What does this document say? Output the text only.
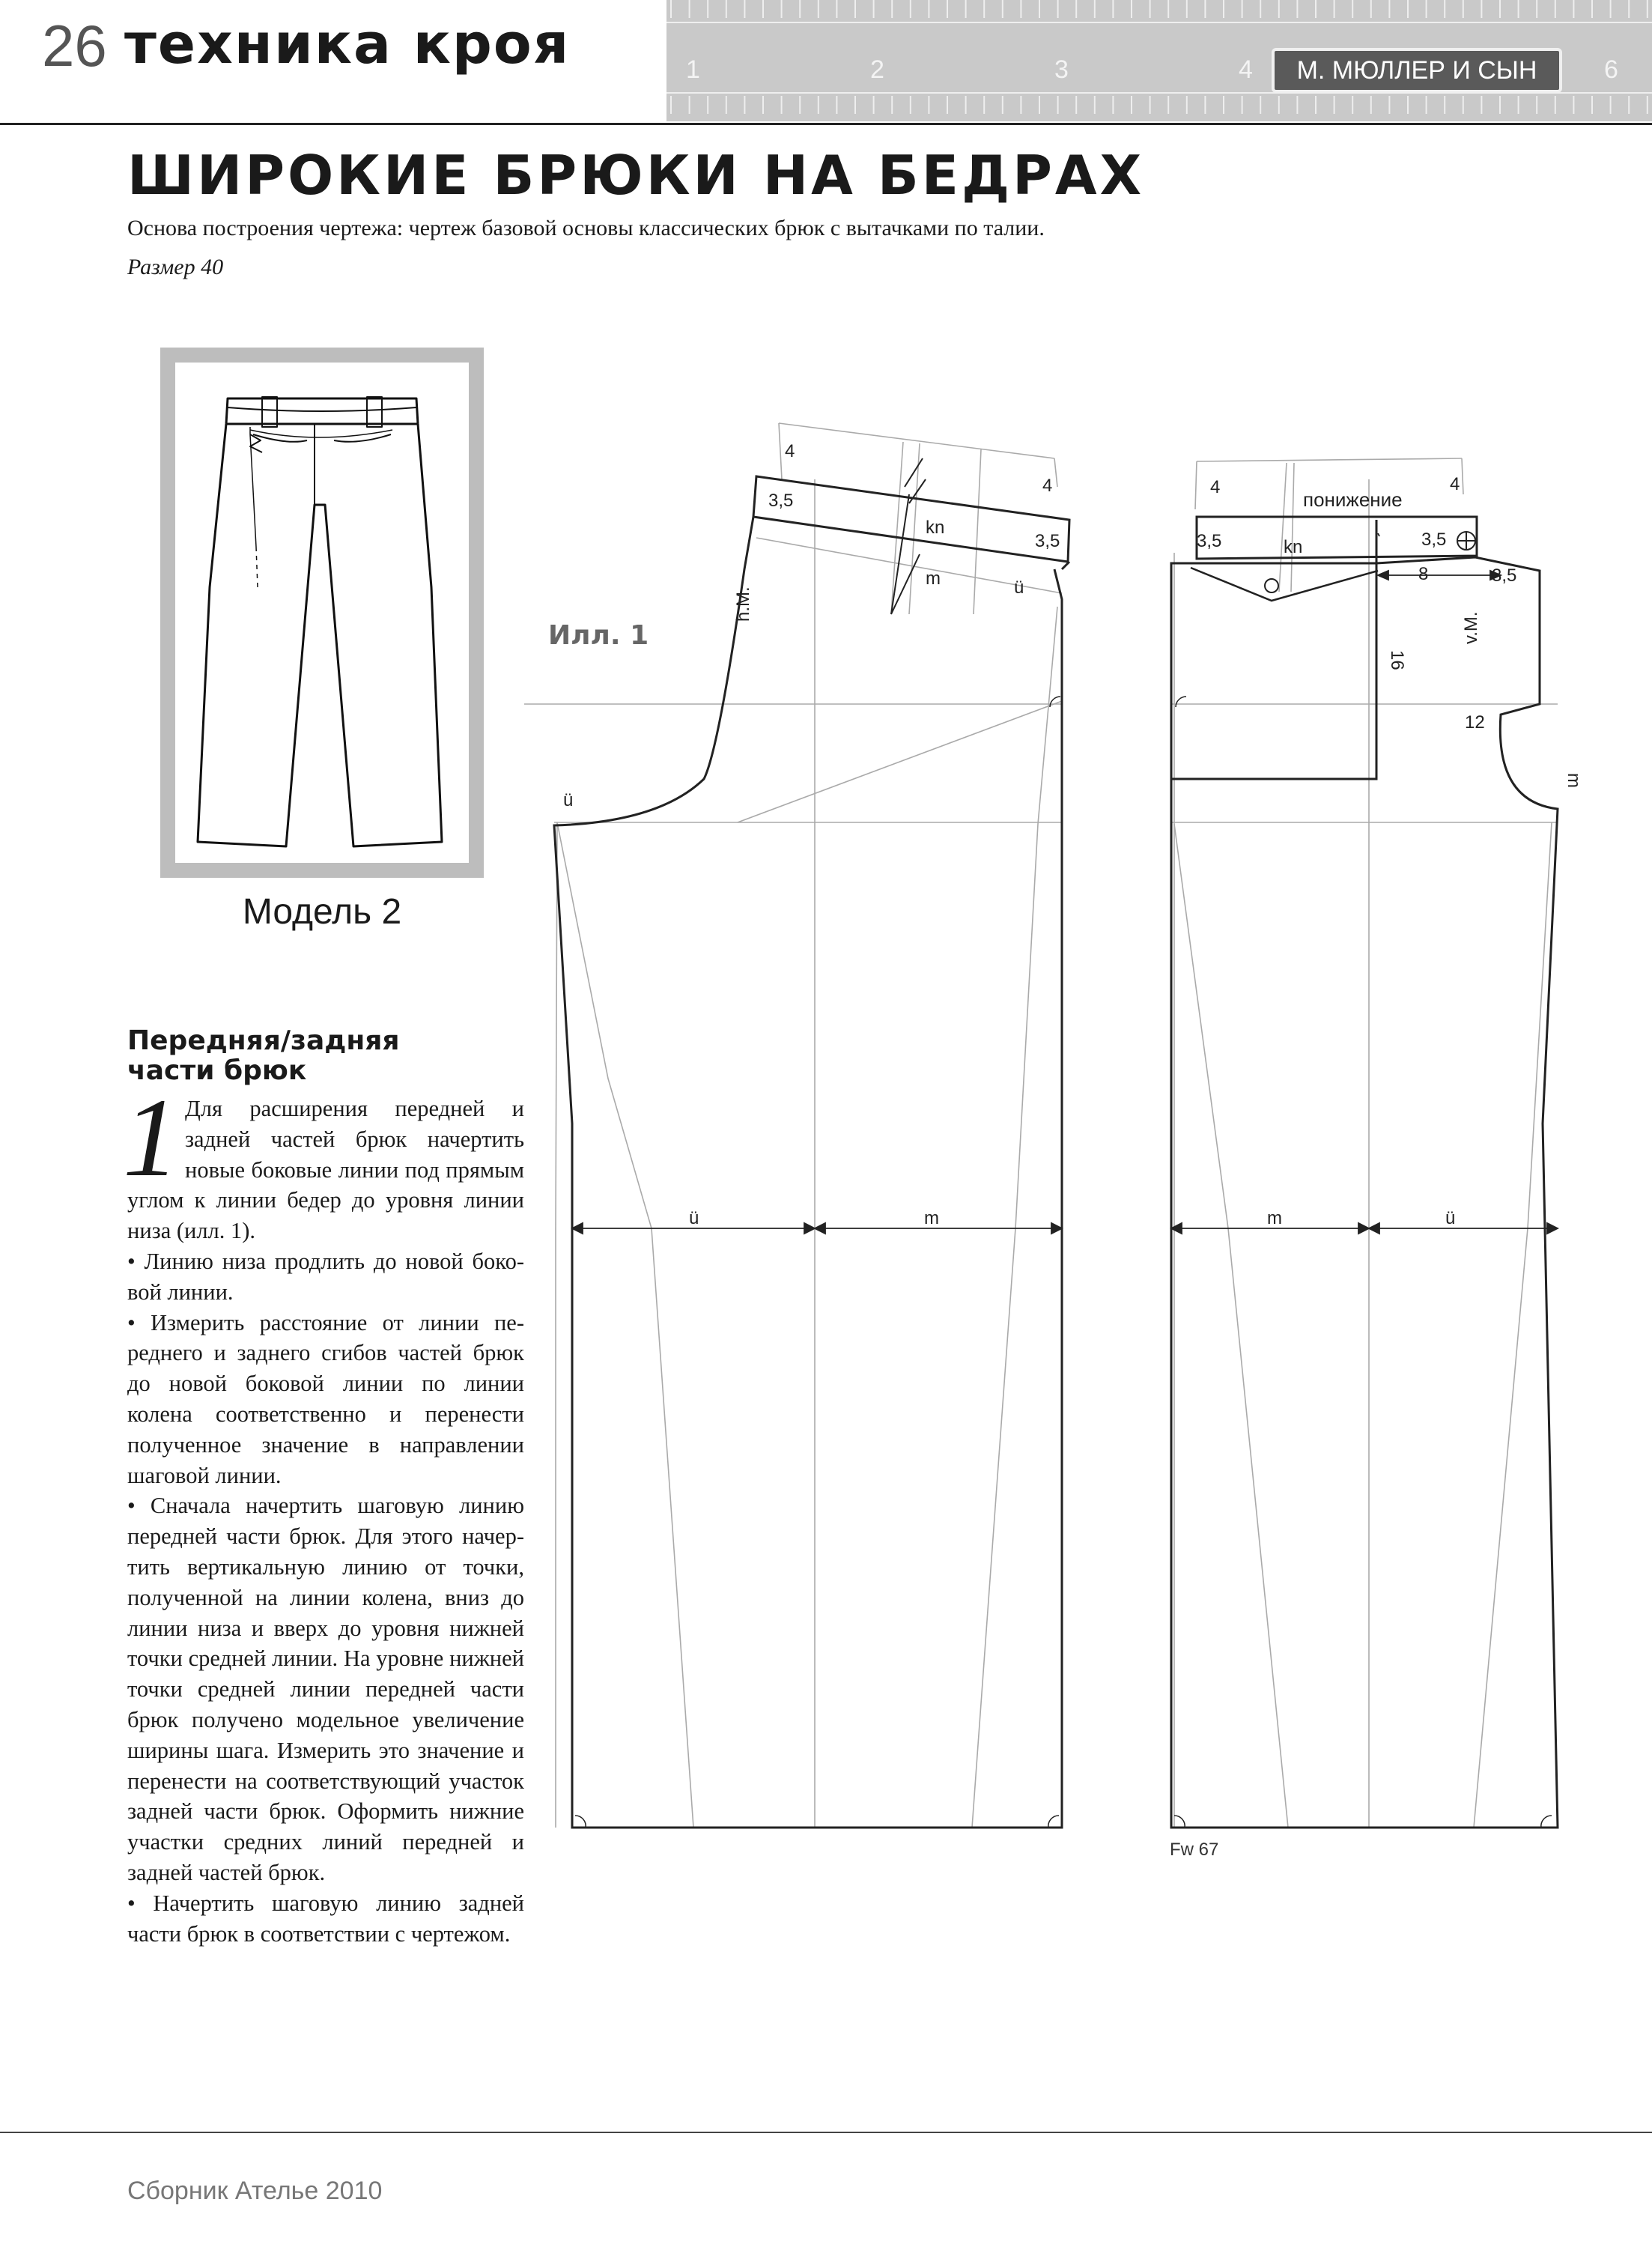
26 техника кроя	1	2	3	4	М. МЮЛЛЕР И СЫН	6
ШИРОКИЕ БРЮКИ НА БЕДРАХ
Основа построения чертежа: чертеж базовой основы классических брюк с вытачками по талии.
Размер 40
Модель 2
Передняя/задняя
части брюк
1 Для расширения передней и задней частей брюк начертить новые боковые линии под прямым углом к линии бедер до уровня линии низа (илл. 1).

• Линию низа продлить до новой боковой линии.

• Измерить расстояние от линии переднего и заднего сгибов частей брюк до новой боковой линии по линии колена соответственно и перенести полученное значение в направлении шаговой линии.

• Сначала начертить шаговую линию передней части брюк. Для этого начертить вертикальную линию от точки, полученной на линии колена, вниз до линии низа и вверх до уровня нижней точки средней линии. На уровне нижней точки средней линии передней части брюк получено модельное увеличение ширины шага. Измерить это значение и перенести на соответствующий участок задней части брюк. Оформить нижние участки средних линий передней и задней частей брюк.

• Начертить шаговую линию задней части брюк в соответствии с чертежом.

Илл. 1
4
4
3,5
3,5
kn
m	ü
ü
h.M.
ü	m
4	4
понижение
3,5	3,5
kn
8	3,5
16
v.M.
12
m
m	ü
Fw 67
Сборник Ателье 2010
